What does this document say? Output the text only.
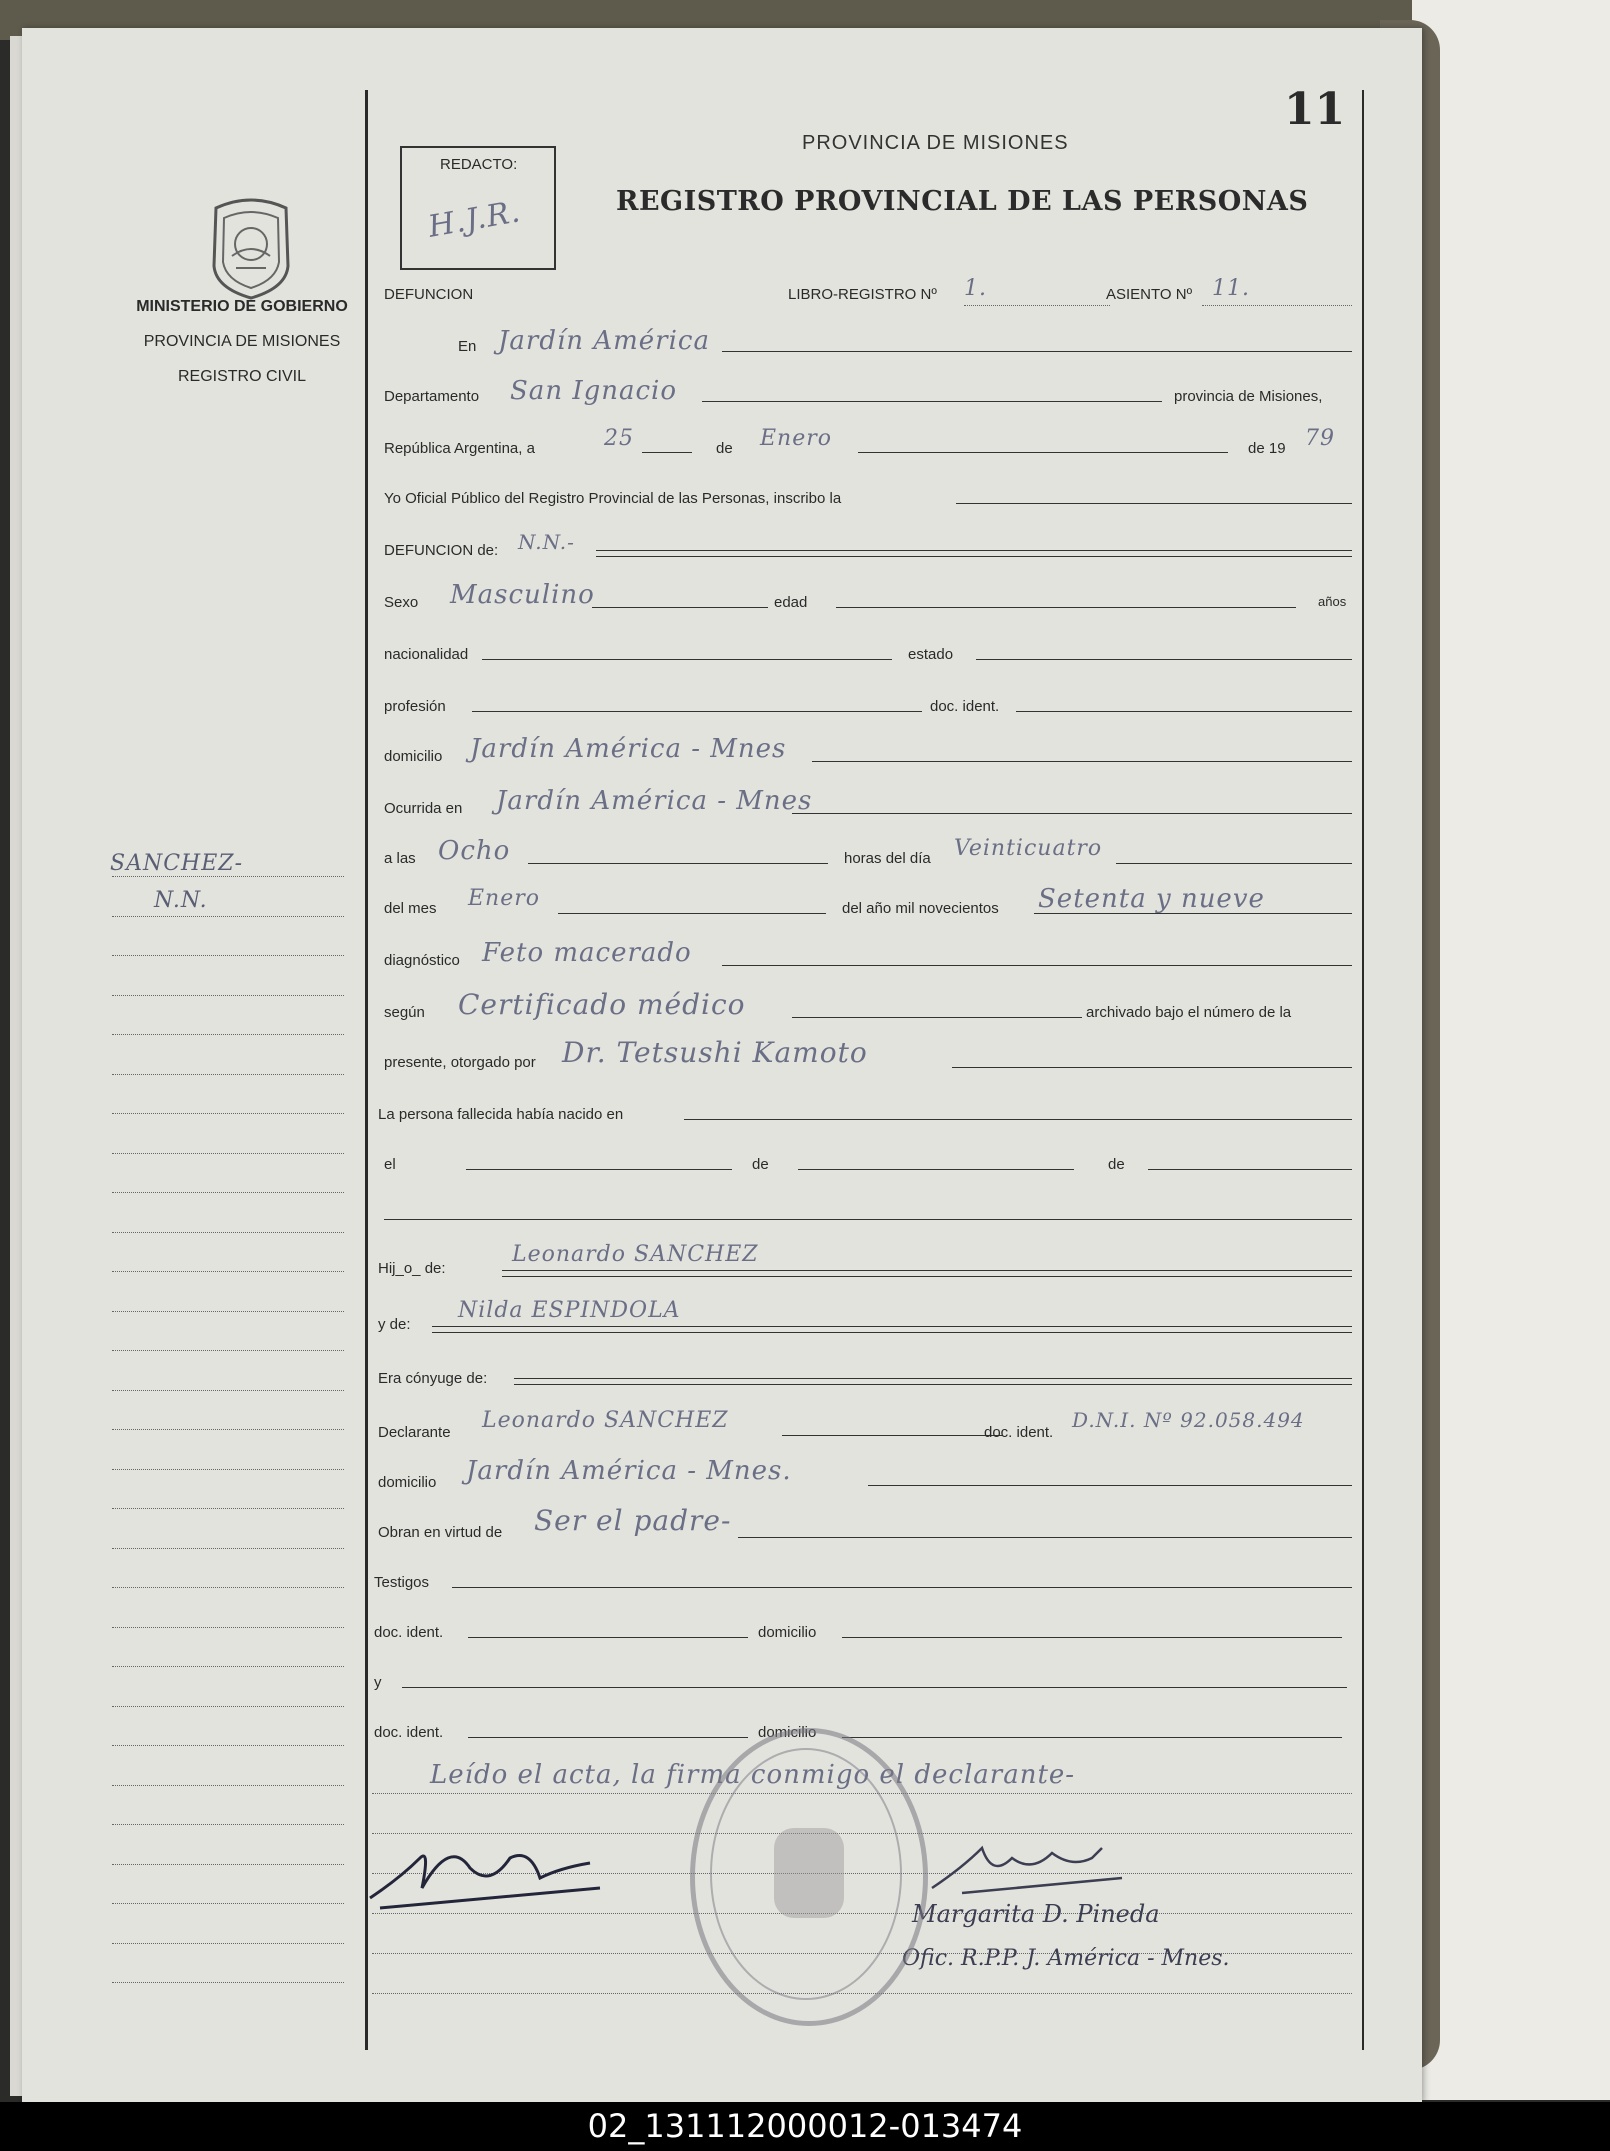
MINISTERIO DE GOBIERNO
PROVINCIA DE MISIONES
REGISTRO CIVIL
SANCHEZ-
N.N.
REDACTO:
H.J.R.
11
PROVINCIA DE MISIONES
REGISTRO PROVINCIAL DE LAS PERSONAS
DEFUNCION	LIBRO-REGISTRO Nº 1.	ASIENTO Nº 11.
En Jardín América
Departamento San Ignacio	provincia de Misiones,
República Argentina, a	25	de Enero	de 19 79
Yo Oficial Público del Registro Provincial de las Personas, inscribo la
DEFUNCION de: N.N.-
Sexo Masculino	edad	años
nacionalidad	estado
profesión	doc. ident.
domicilio Jardín América - Mnes
Ocurrida en Jardín América - Mnes
a las Ocho	horas del día Veinticuatro
del mes Enero	del año mil novecientos Setenta y nueve
diagnóstico Feto macerado
según Certificado médico	archivado bajo el número de la
presente, otorgado por Dr. Tetsushi Kamoto
La persona fallecida había nacido en
el	de	de
Hij_o_ de:
Leonardo SANCHEZ
y de:
Nilda ESPINDOLA
Era cónyuge de:
Declarante Leonardo SANCHEZ	doc. ident.
D.N.I. Nº 92.058.494
domicilio Jardín América - Mnes.
Obran en virtud de Ser el padre-
Testigos
doc. ident.	domicilio
y
doc. ident.	domicilio
Leído el acta, la firma conmigo el declarante-
Margarita D. Pineda
Ofic. R.P.P. J. América - Mnes.
02_131112000012-013474
